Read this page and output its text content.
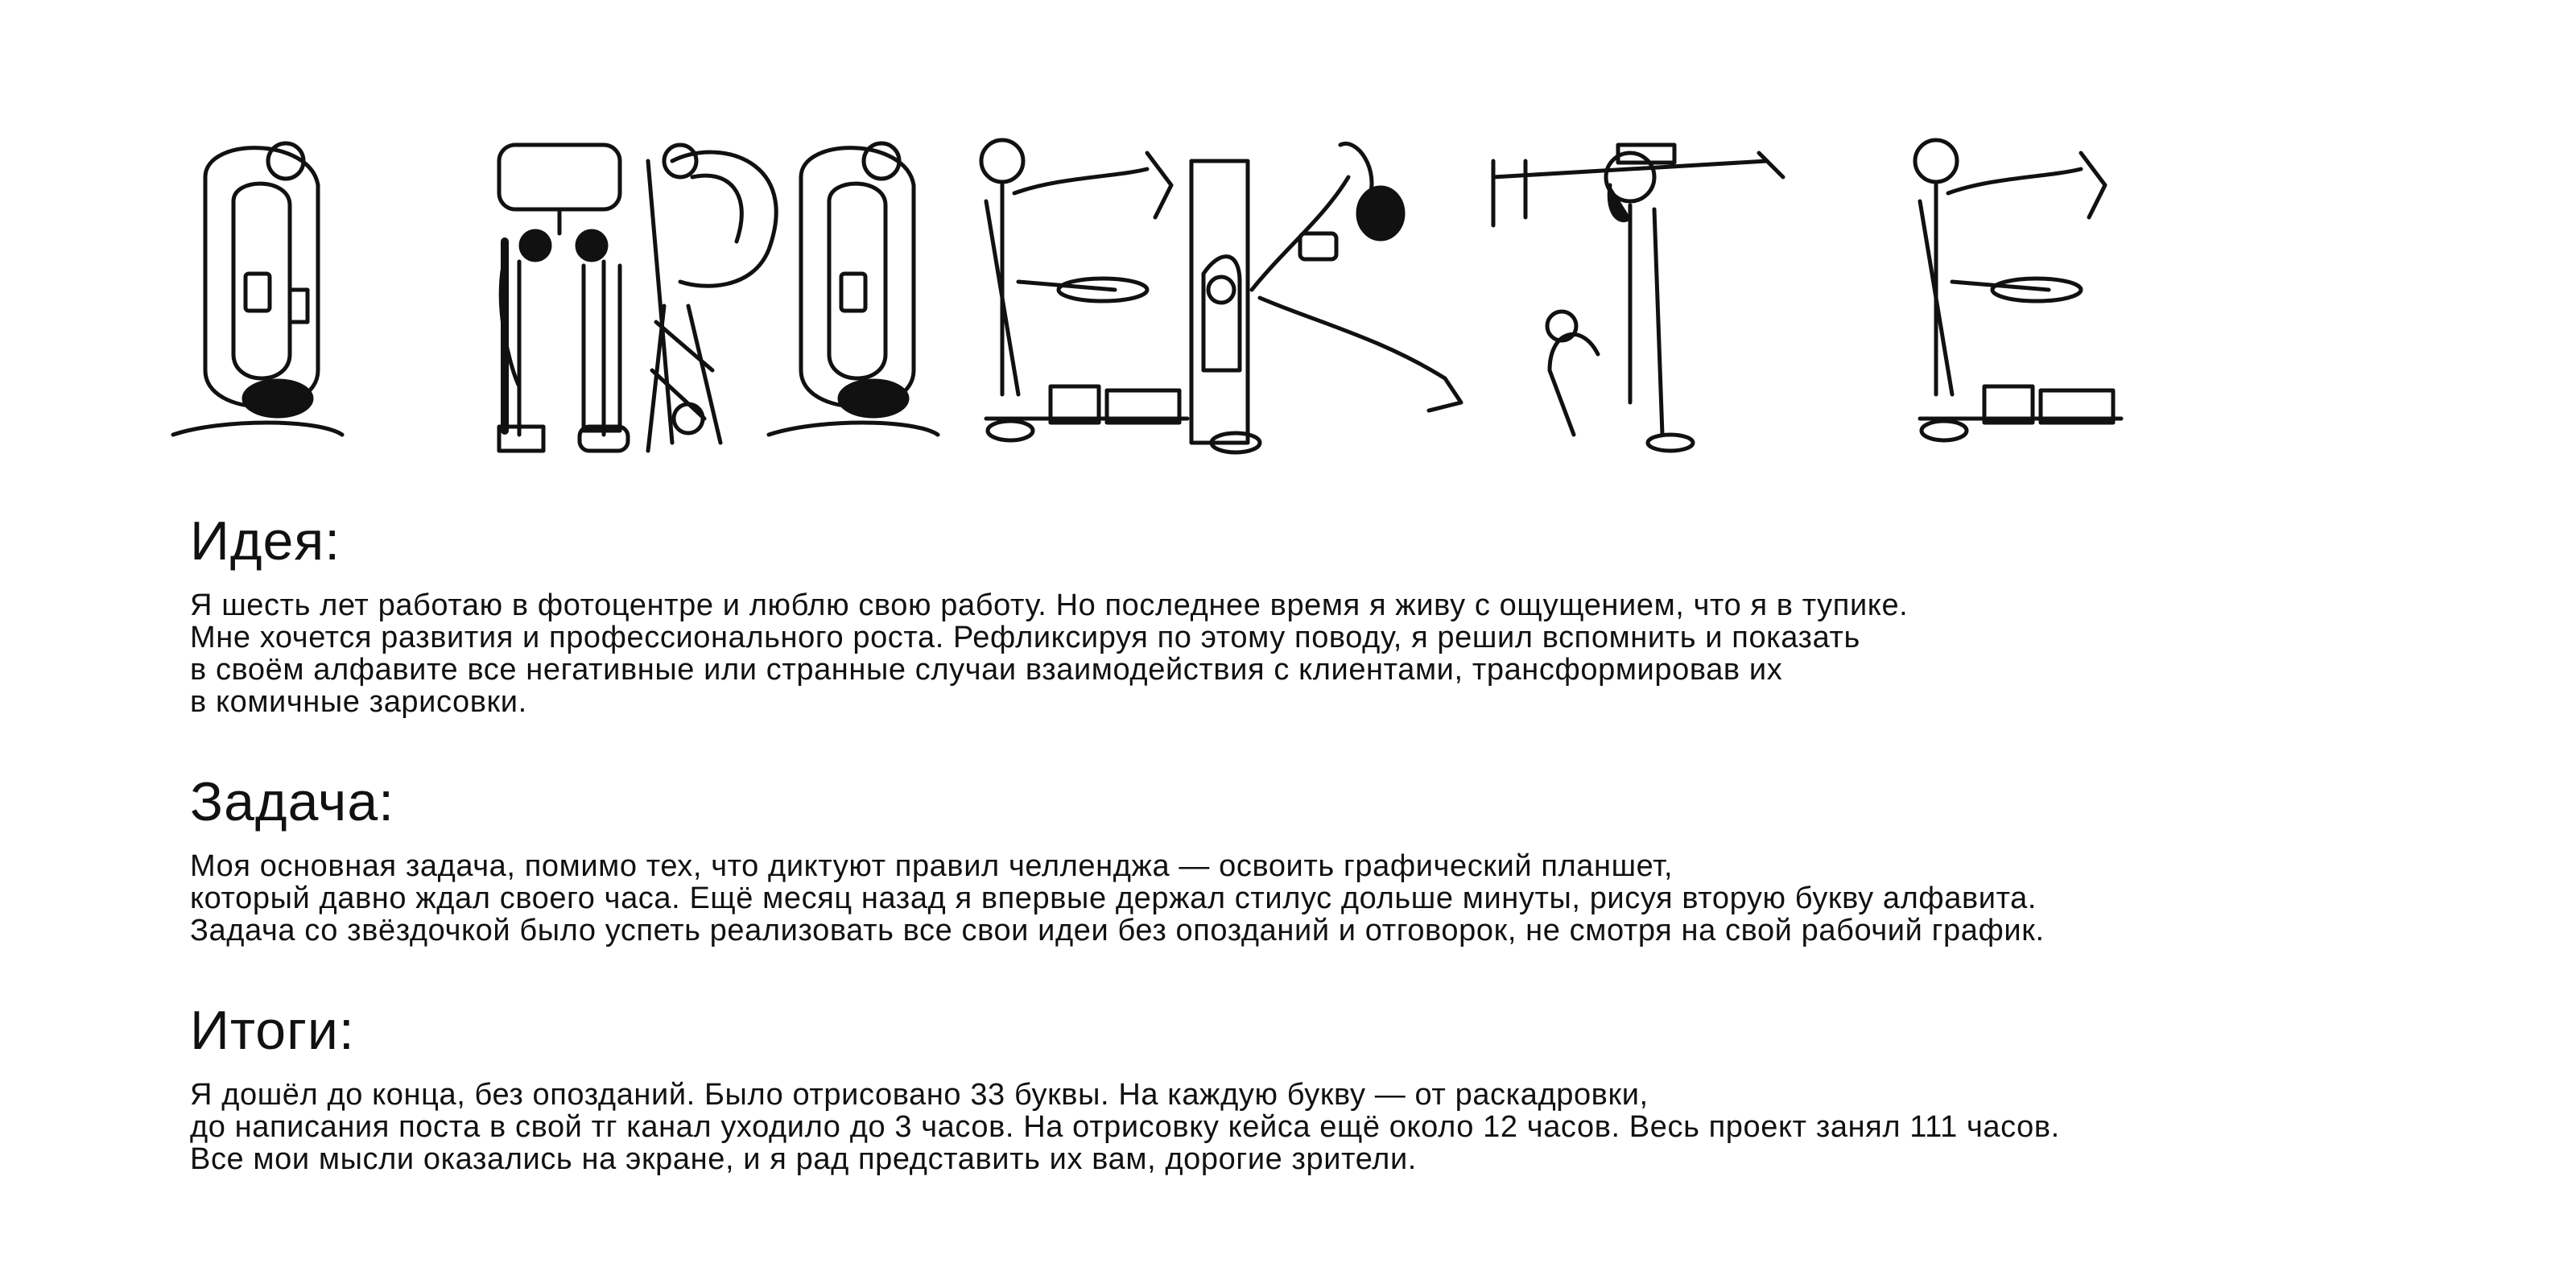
Идея:
Я шесть лет работаю в фотоцентре и люблю свою работу. Но последнее время я живу с ощущением, что я в тупике.
Мне хочется развития и профессионального роста. Рефликсируя по этому поводу, я решил вспомнить и показать
в своём алфавите все негативные или странные случаи взаимодействия с клиентами, трансформировав их
в комичные зарисовки.
Задача:
Моя основная задача, помимо тех, что диктуют правил челленджа — освоить графический планшет,
который давно ждал своего часа. Ещё месяц назад я впервые держал стилус дольше минуты, рисуя вторую букву алфавита.
Задача со звёздочкой было успеть реализовать все свои идеи без опозданий и отговорок, не смотря на свой рабочий график.
Итоги:
Я дошёл до конца, без опозданий. Было отрисовано 33 буквы. На каждую букву — от раскадровки,
до написания поста в свой тг канал уходило до 3 часов. На отрисовку кейса ещё около 12 часов. Весь проект занял 111 часов.
Все мои мысли оказались на экране, и я рад представить их вам, дорогие зрители.
